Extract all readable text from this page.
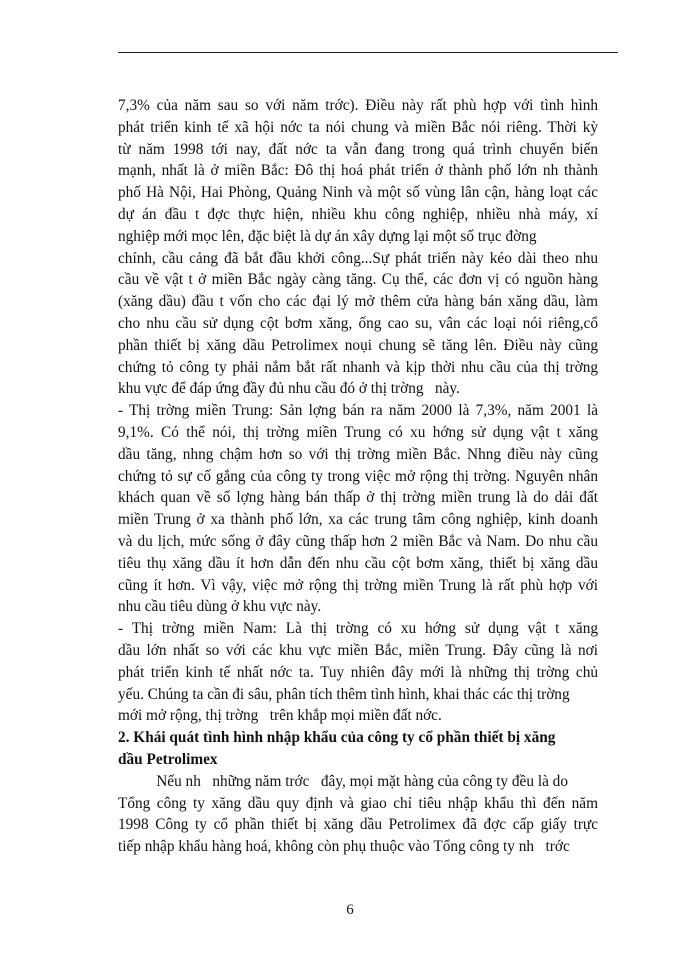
7,3% của năm sau so với năm trớc). Điều này rất phù hợp với tình hình
phát triển kinh tế xã hội nớc ta nói chung và miền Bắc nói riêng. Thời kỳ
từ năm 1998 tới nay, đất nớc ta vẫn đang trong quá trình chuyển biến
mạnh, nhất là ở miền Bắc: Đô thị hoá phát triển ở thành phố lớn nh thành
phố Hà Nội, Hai Phòng, Quảng Ninh và một số vùng lân cận, hàng loạt các
dự án đầu t đợc thực hiện, nhiều khu công nghiệp, nhiều nhà máy, xí
nghiệp mới mọc lên, đặc biệt là dự án xây dựng lại một số trục đờng
chính, cầu cảng đã bắt đầu khởi công...Sự phát triển này kéo dài theo nhu
cầu về vật t ở miền Bắc ngày càng tăng. Cụ thể, các đơn vị có nguồn hàng
(xăng dầu) đầu t vốn cho các đại lý mở thêm cửa hàng bán xăng dầu, làm
cho nhu cầu sử dụng cột bơm xăng, ống cao su, vân các loại nói riêng,cổ
phần thiết bị xăng dầu Petrolimex noụi chung sẽ tăng lên. Điều này cũng
chứng tỏ công ty phải nắm bắt rất nhanh và kịp thời nhu cầu của thị trờng
khu vực để đáp ứng đầy đủ nhu cầu đó ở thị trờng   này.
- Thị trờng miền Trung: Sản lợng bán ra năm 2000 là 7,3%, năm 2001 là
9,1%. Có thể nói, thị trờng miền Trung có xu hớng sử dụng vật t xăng
dầu tăng, nhng chậm hơn so với thị trờng miền Bắc. Nhng điều này cũng
chứng tỏ sự cố gắng của công ty trong việc mở rộng thị trờng. Nguyên nhân
khách quan về số lợng hàng bán thấp ở thị trờng miền trung là do dải đất
miền Trung ở xa thành phố lớn, xa các trung tâm công nghiệp, kinh doanh
và du lịch, mức sống ở đây cũng thấp hơn 2 miền Bắc và Nam. Do nhu cầu
tiêu thụ xăng dầu ít hơn dẫn đến nhu cầu cột bơm xăng, thiết bị xăng dầu
cũng ít hơn. Vì vậy, việc mở rộng thị trờng miền Trung là rất phù hợp với
nhu cầu tiêu dùng ở khu vực này.
- Thị trờng miền Nam: Là thị trờng có xu hớng sử dụng vật t xăng
dầu lớn nhất so với các khu vực miền Bắc, miền Trung. Đây cũng là nơi
phát triển kinh tế nhất nớc ta. Tuy nhiên đây mới là những thị trờng chủ
yếu. Chúng ta cần đi sâu, phân tích thêm tình hình, khai thác các thị trờng
mới mở rộng, thị trờng   trên khắp mọi miền đất nớc.
2. Khái quát tình hình nhập khẩu của công ty cổ phần thiết bị xăng
dầu Petrolimex
Nếu nh   những năm trớc   đây, mọi mặt hàng của công ty đều là do
Tổng công ty xăng dầu quy định và giao chỉ tiêu nhập khẩu thì đến năm
1998 Công ty cổ phần thiết bị xăng dầu Petrolimex đã đợc cấp giấy trực
tiếp nhập khẩu hàng hoá, không còn phụ thuộc vào Tổng công ty nh   trớc
6
